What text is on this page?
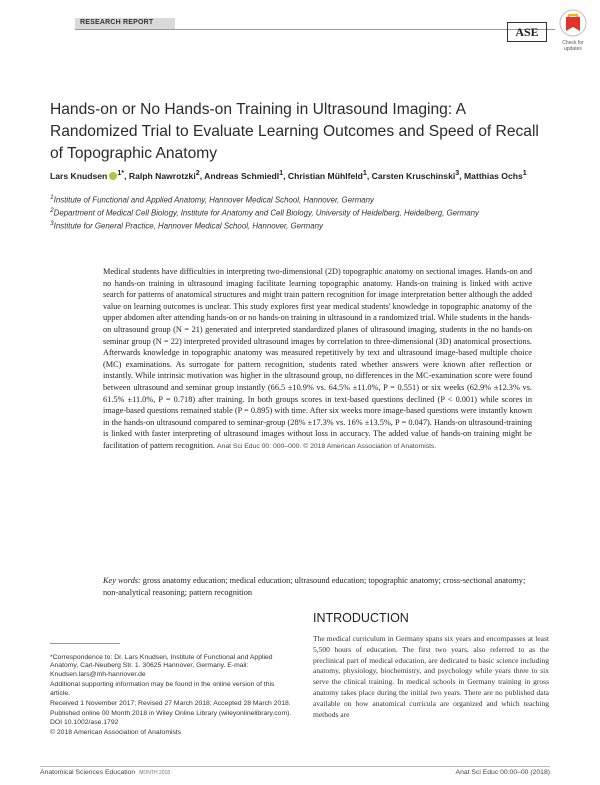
RESEARCH REPORT
ASE
Check for updates
Hands-on or No Hands-on Training in Ultrasound Imaging: A Randomized Trial to Evaluate Learning Outcomes and Speed of Recall of Topographic Anatomy
Lars Knudsen $^{1*}$, Ralph Nawrotzki$^2$, Andreas Schmiedl$^1$, Christian Mühlfeld$^1$, Carsten Kruschinski$^3$, Matthias Ochs$^1$
$^1$Institute of Functional and Applied Anatomy, Hannover Medical School, Hannover, Germany
$^2$Department of Medical Cell Biology, Institute for Anatomy and Cell Biology, University of Heidelberg, Heidelberg, Germany
$^3$Institute for General Practice, Hannover Medical School, Hannover, Germany
Medical students have difficulties in interpreting two-dimensional (2D) topographic anatomy on sectional images. Hands-on and no hands-on training in ultrasound imaging facilitate learning topographic anatomy. Hands-on training is linked with active search for patterns of anatomical structures and might train pattern recognition for image interpretation better although the added value on learning outcomes is unclear. This study explores first year medical students' knowledge in topographic anatomy of the upper abdomen after attending hands-on or no hands-on training in ultrasound in a randomized trial. While students in the hands-on ultrasound group (N = 21) generated and interpreted standardized planes of ultrasound imaging, students in the no hands-on seminar group (N = 22) interpreted provided ultrasound images by correlation to three-dimensional (3D) anatomical prosections. Afterwards knowledge in topographic anatomy was measured repetitively by text and ultrasound image-based multiple choice (MC) examinations. As surrogate for pattern recognition, students rated whether answers were known after reflection or instantly. While intrinsic motivation was higher in the ultrasound group, no differences in the MC-examination score were found between ultrasound and seminar group instantly (66.5 ±10.9% vs. 64.5% ±11.0%, P = 0.551) or six weeks (62.9% ±12.3% vs. 61.5% ±11.0%, P = 0.718) after training. In both groups scores in text-based questions declined (P < 0.001) while scores in image-based questions remained stable (P = 0.895) with time. After six weeks more image-based questions were instantly known in the hands-on ultrasound compared to seminar-group (28% ±17.3% vs. 16% ±13.5%, P = 0.047). Hands-on ultrasound-training is linked with faster interpreting of ultrasound images without loss in accuracy. The added value of hands-on training might be facilitation of pattern recognition. Anat Sci Educ 00: 000–000. © 2018 American Association of Anatomists.
Key words: gross anatomy education; medical education; ultrasound education; topographic anatomy; cross-sectional anatomy; non-analytical reasoning; pattern recognition
INTRODUCTION
The medical curriculum in Germany spans six years and encompasses at least 5,500 hours of education. The first two years, also referred to as the preclinical part of medical education, are dedicated to basic science including anatomy, physiology, biochemistry, and psychology while years three to six serve the clinical training. In medical schools in Germany training in gross anatomy takes place during the initial two years. There are no published data available on how anatomical curricula are organized and which teaching methods are

*Correspondence to: Dr. Lars Knudsen, Institute of Functional and Applied Anatomy, Carl-Neuberg Str. 1. 30625 Hannover, Germany. E-mail: Knudsen.lars@mh-hannover.de

Additional supporting information may be found in the online version of this article.

Received 1 November 2017; Revised 27 March 2018; Accepted 28 March 2018.

Published online 00 Month 2018 in Wiley Online Library (wileyonlinelibrary.com). DOI 10.1002/ase.1792

© 2018 American Association of Anatomists

Anatomical Sciences Education MONTH 2018	Anat Sci Educ 00:00–00 (2018)
